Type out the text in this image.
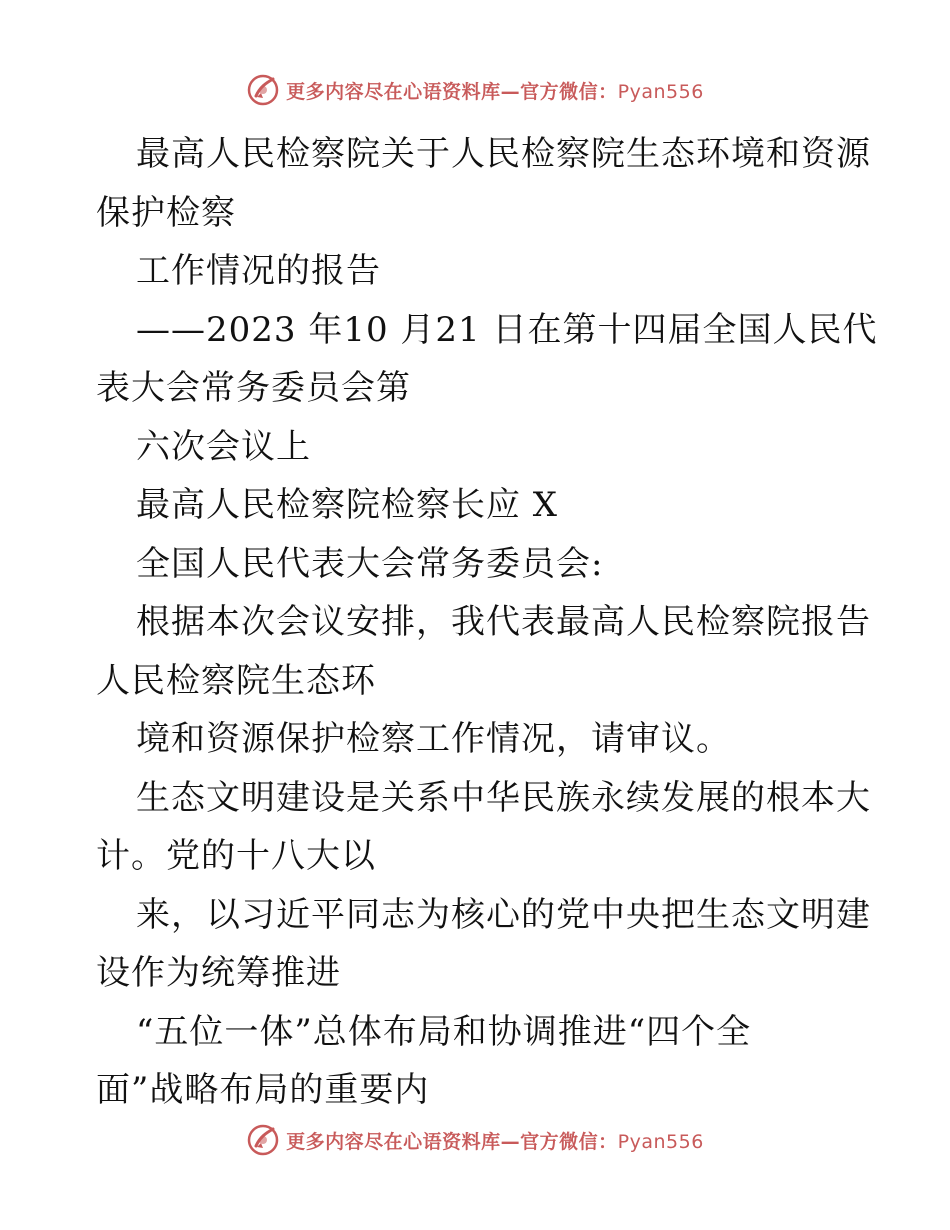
更多内容尽在心语资料库—官方微信：Pyan556
最高人民检察院关于人民检察院生态环境和资源
保护检察
工作情况的报告
——2023 年10 月21 日在第十四届全国人民代
表大会常务委员会第
六次会议上
最高人民检察院检察长应 X
全国人民代表大会常务委员会:
根据本次会议安排，我代表最高人民检察院报告
人民检察院生态环
境和资源保护检察工作情况，请审议。
生态文明建设是关系中华民族永续发展的根本大
计。党的十八大以
来，以习近平同志为核心的党中央把生态文明建
设作为统筹推进
“五位一体”总体布局和协调推进“四个全
面”战略布局的重要内
更多内容尽在心语资料库—官方微信：Pyan556
